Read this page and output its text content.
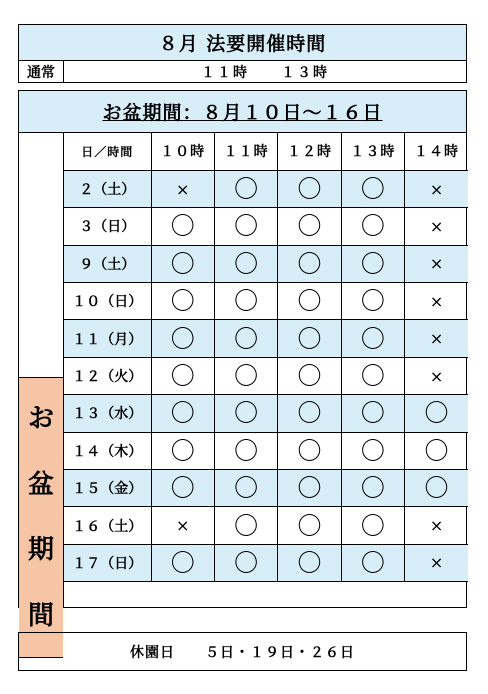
８月 法要開催時間
通常	１１時　　１３時
お盆期間：８月１０日～１６日
お
盆
期
間
日／時間	１０時	１１時	１２時	１３時	１４時
２（土）	×	〇	〇	〇	×
３（日）	〇	〇	〇	〇	×
９（土）	〇	〇	〇	〇	×
１０（日）	〇	〇	〇	〇	×
１１（月）	〇	〇	〇	〇	×
１２（火）	〇	〇	〇	〇	×
１３（水）	〇	〇	〇	〇	〇
１４（木）	〇	〇	〇	〇	〇
１５（金）	〇	〇	〇	〇	〇
１６（土）	×	〇	〇	〇	×
１７（日）	〇	〇	〇	〇	×
休園日　　５日・１９日・２６日
